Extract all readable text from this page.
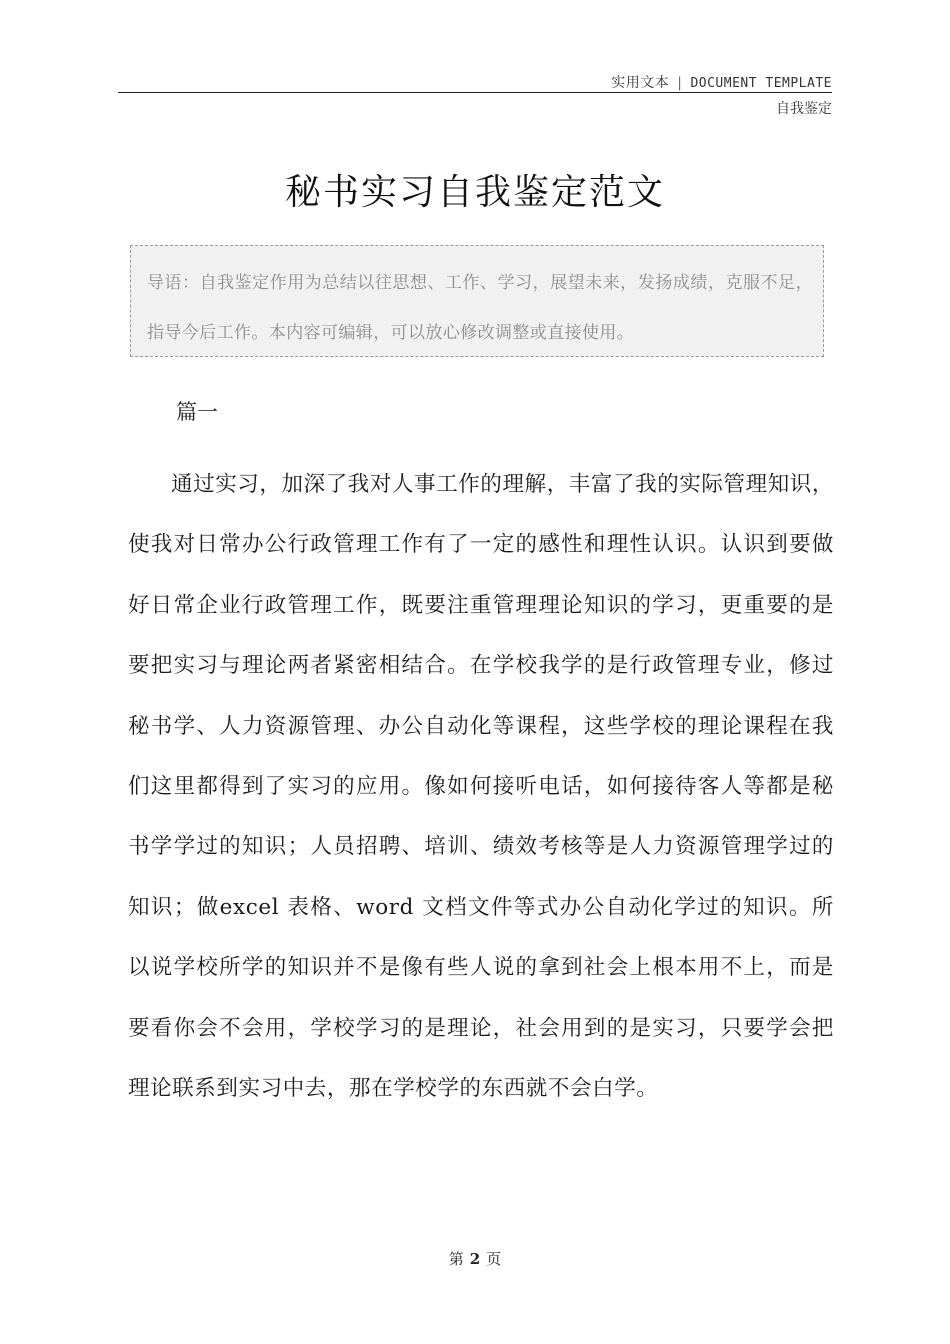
实用文本 | DOCUMENT TEMPLATE
自我鉴定
秘书实习自我鉴定范文
导语：自我鉴定作用为总结以往思想、工作、学习，展望未来，发扬成绩，克服不足，指导今后工作。本内容可编辑，可以放心修改调整或直接使用。
篇一
通过实习，加深了我对人事工作的理解，丰富了我的实际管理知识，使我对日常办公行政管理工作有了一定的感性和理性认识。认识到要做好日常企业行政管理工作，既要注重管理理论知识的学习，更重要的是要把实习与理论两者紧密相结合。在学校我学的是行政管理专业，修过秘书学、人力资源管理、办公自动化等课程，这些学校的理论课程在我们这里都得到了实习的应用。像如何接听电话，如何接待客人等都是秘书学学过的知识；人员招聘、培训、绩效考核等是人力资源管理学过的知识；做excel 表格、word 文档文件等式办公自动化学过的知识。所以说学校所学的知识并不是像有些人说的拿到社会上根本用不上，而是要看你会不会用，学校学习的是理论，社会用到的是实习，只要学会把理论联系到实习中去，那在学校学的东西就不会白学。
第 2 页
